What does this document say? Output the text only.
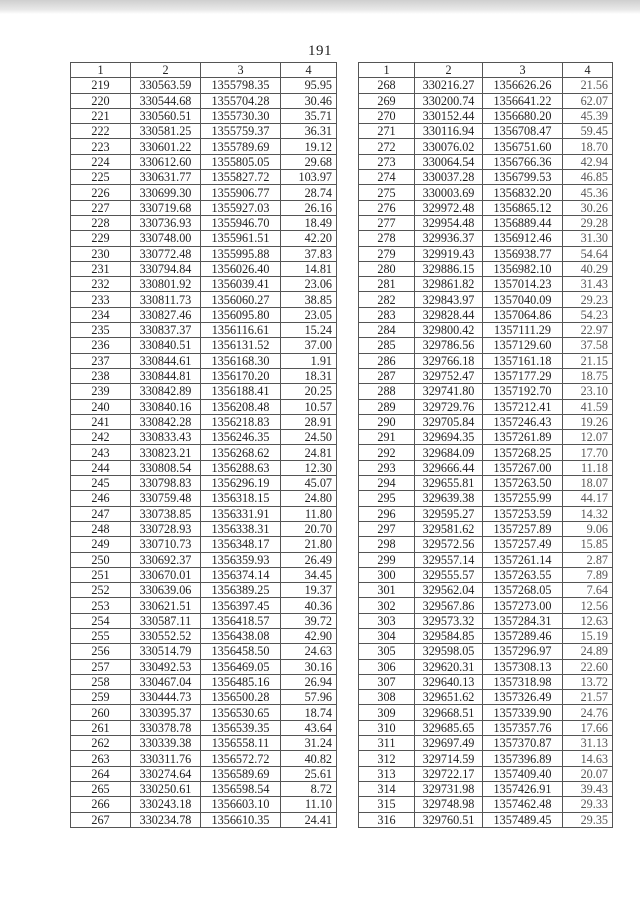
191
1	2	3	4
219	330563.59	1355798.35	95.95
220	330544.68	1355704.28	30.46
221	330560.51	1355730.30	35.71
222	330581.25	1355759.37	36.31
223	330601.22	1355789.69	19.12
224	330612.60	1355805.05	29.68
225	330631.77	1355827.72	103.97
226	330699.30	1355906.77	28.74
227	330719.68	1355927.03	26.16
228	330736.93	1355946.70	18.49
229	330748.00	1355961.51	42.20
230	330772.48	1355995.88	37.83
231	330794.84	1356026.40	14.81
232	330801.92	1356039.41	23.06
233	330811.73	1356060.27	38.85
234	330827.46	1356095.80	23.05
235	330837.37	1356116.61	15.24
236	330840.51	1356131.52	37.00
237	330844.61	1356168.30	1.91
238	330844.81	1356170.20	18.31
239	330842.89	1356188.41	20.25
240	330840.16	1356208.48	10.57
241	330842.28	1356218.83	28.91
242	330833.43	1356246.35	24.50
243	330823.21	1356268.62	24.81
244	330808.54	1356288.63	12.30
245	330798.83	1356296.19	45.07
246	330759.48	1356318.15	24.80
247	330738.85	1356331.91	11.80
248	330728.93	1356338.31	20.70
249	330710.73	1356348.17	21.80
250	330692.37	1356359.93	26.49
251	330670.01	1356374.14	34.45
252	330639.06	1356389.25	19.37
253	330621.51	1356397.45	40.36
254	330587.11	1356418.57	39.72
255	330552.52	1356438.08	42.90
256	330514.79	1356458.50	24.63
257	330492.53	1356469.05	30.16
258	330467.04	1356485.16	26.94
259	330444.73	1356500.28	57.96
260	330395.37	1356530.65	18.74
261	330378.78	1356539.35	43.64
262	330339.38	1356558.11	31.24
263	330311.76	1356572.72	40.82
264	330274.64	1356589.69	25.61
265	330250.61	1356598.54	8.72
266	330243.18	1356603.10	11.10
267	330234.78	1356610.35	24.41
1	2	3	4
268	330216.27	1356626.26	21.56
269	330200.74	1356641.22	62.07
270	330152.44	1356680.20	45.39
271	330116.94	1356708.47	59.45
272	330076.02	1356751.60	18.70
273	330064.54	1356766.36	42.94
274	330037.28	1356799.53	46.85
275	330003.69	1356832.20	45.36
276	329972.48	1356865.12	30.26
277	329954.48	1356889.44	29.28
278	329936.37	1356912.46	31.30
279	329919.43	1356938.77	54.64
280	329886.15	1356982.10	40.29
281	329861.82	1357014.23	31.43
282	329843.97	1357040.09	29.23
283	329828.44	1357064.86	54.23
284	329800.42	1357111.29	22.97
285	329786.56	1357129.60	37.58
286	329766.18	1357161.18	21.15
287	329752.47	1357177.29	18.75
288	329741.80	1357192.70	23.10
289	329729.76	1357212.41	41.59
290	329705.84	1357246.43	19.26
291	329694.35	1357261.89	12.07
292	329684.09	1357268.25	17.70
293	329666.44	1357267.00	11.18
294	329655.81	1357263.50	18.07
295	329639.38	1357255.99	44.17
296	329595.27	1357253.59	14.32
297	329581.62	1357257.89	9.06
298	329572.56	1357257.49	15.85
299	329557.14	1357261.14	2.87
300	329555.57	1357263.55	7.89
301	329562.04	1357268.05	7.64
302	329567.86	1357273.00	12.56
303	329573.32	1357284.31	12.63
304	329584.85	1357289.46	15.19
305	329598.05	1357296.97	24.89
306	329620.31	1357308.13	22.60
307	329640.13	1357318.98	13.72
308	329651.62	1357326.49	21.57
309	329668.51	1357339.90	24.76
310	329685.65	1357357.76	17.66
311	329697.49	1357370.87	31.13
312	329714.59	1357396.89	14.63
313	329722.17	1357409.40	20.07
314	329731.98	1357426.91	39.43
315	329748.98	1357462.48	29.33
316	329760.51	1357489.45	29.35
